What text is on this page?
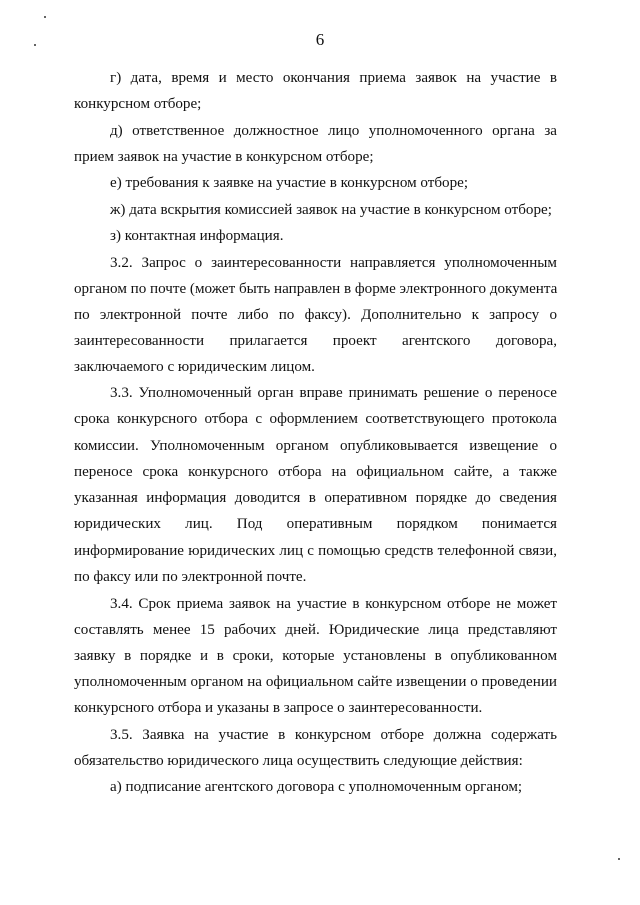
6
г) дата, время и место окончания приема заявок на участие в
конкурсном отборе;
д) ответственное должностное лицо уполномоченного органа за
прием заявок на участие в конкурсном отборе;
е) требования к заявке на участие в конкурсном отборе;
ж) дата вскрытия комиссией заявок на участие в конкурсном отборе;
з) контактная информация.
3.2. Запрос о заинтересованности направляется уполномоченным
органом по почте (может быть направлен в форме электронного документа
по электронной почте либо по факсу). Дополнительно к запросу о
заинтересованности прилагается проект агентского договора,
заключаемого с юридическим лицом.
3.3. Уполномоченный орган вправе принимать решение о переносе
срока конкурсного отбора с оформлением соответствующего протокола
комиссии. Уполномоченным органом опубликовывается извещение о
переносе срока конкурсного отбора на официальном сайте, а также
указанная информация доводится в оперативном порядке до сведения
юридических лиц. Под оперативным порядком понимается
информирование юридических лиц с помощью средств телефонной связи,
по факсу или по электронной почте.
3.4. Срок приема заявок на участие в конкурсном отборе не может
составлять менее 15 рабочих дней. Юридические лица представляют
заявку в порядке и в сроки, которые установлены в опубликованном
уполномоченным органом на официальном сайте извещении о проведении
конкурсного отбора и указаны в запросе о заинтересованности.
3.5. Заявка на участие в конкурсном отборе должна содержать
обязательство юридического лица осуществить следующие действия:
а) подписание агентского договора с уполномоченным органом;
